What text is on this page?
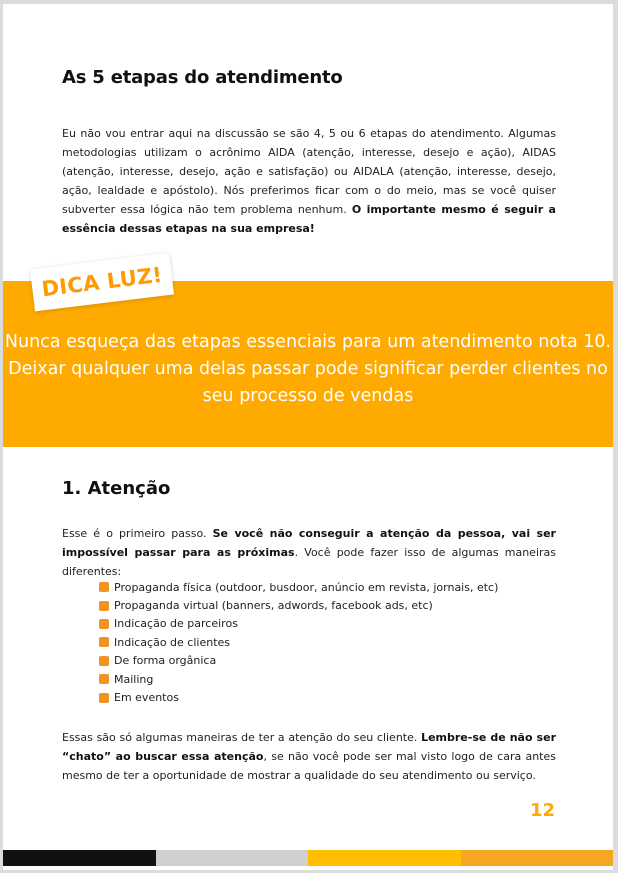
As 5 etapas do atendimento

Eu não vou entrar aqui na discussão se são 4, 5 ou 6 etapas do atendimento. Algumas metodologias utilizam o acrônimo AIDA (atenção, interesse, desejo e ação), AIDAS (atenção, interesse, desejo, ação e satisfação) ou AIDALA (atenção, interesse, desejo, ação, lealdade e apóstolo). Nós preferimos ficar com o do meio, mas se você quiser subverter essa lógica não tem problema nenhum. O importante mesmo é seguir a essência dessas etapas na sua empresa!

DICA LUZ!

Nunca esqueça das etapas essenciais para um atendimento nota 10. Deixar qualquer uma delas passar pode significar perder clientes no seu processo de vendas

1. Atenção

Esse é o primeiro passo. Se você não conseguir a atenção da pessoa, vai ser impossível passar para as próximas. Você pode fazer isso de algumas maneiras diferentes:

Propaganda física (outdoor, busdoor, anúncio em revista, jornais, etc)
Propaganda virtual (banners, adwords, facebook ads, etc)
Indicação de parceiros
Indicação de clientes
De forma orgânica
Mailing
Em eventos

Essas são só algumas maneiras de ter a atenção do seu cliente. Lembre-se de não ser “chato” ao buscar essa atenção, se não você pode ser mal visto logo de cara antes mesmo de ter a oportunidade de mostrar a qualidade do seu atendimento ou serviço.

12
